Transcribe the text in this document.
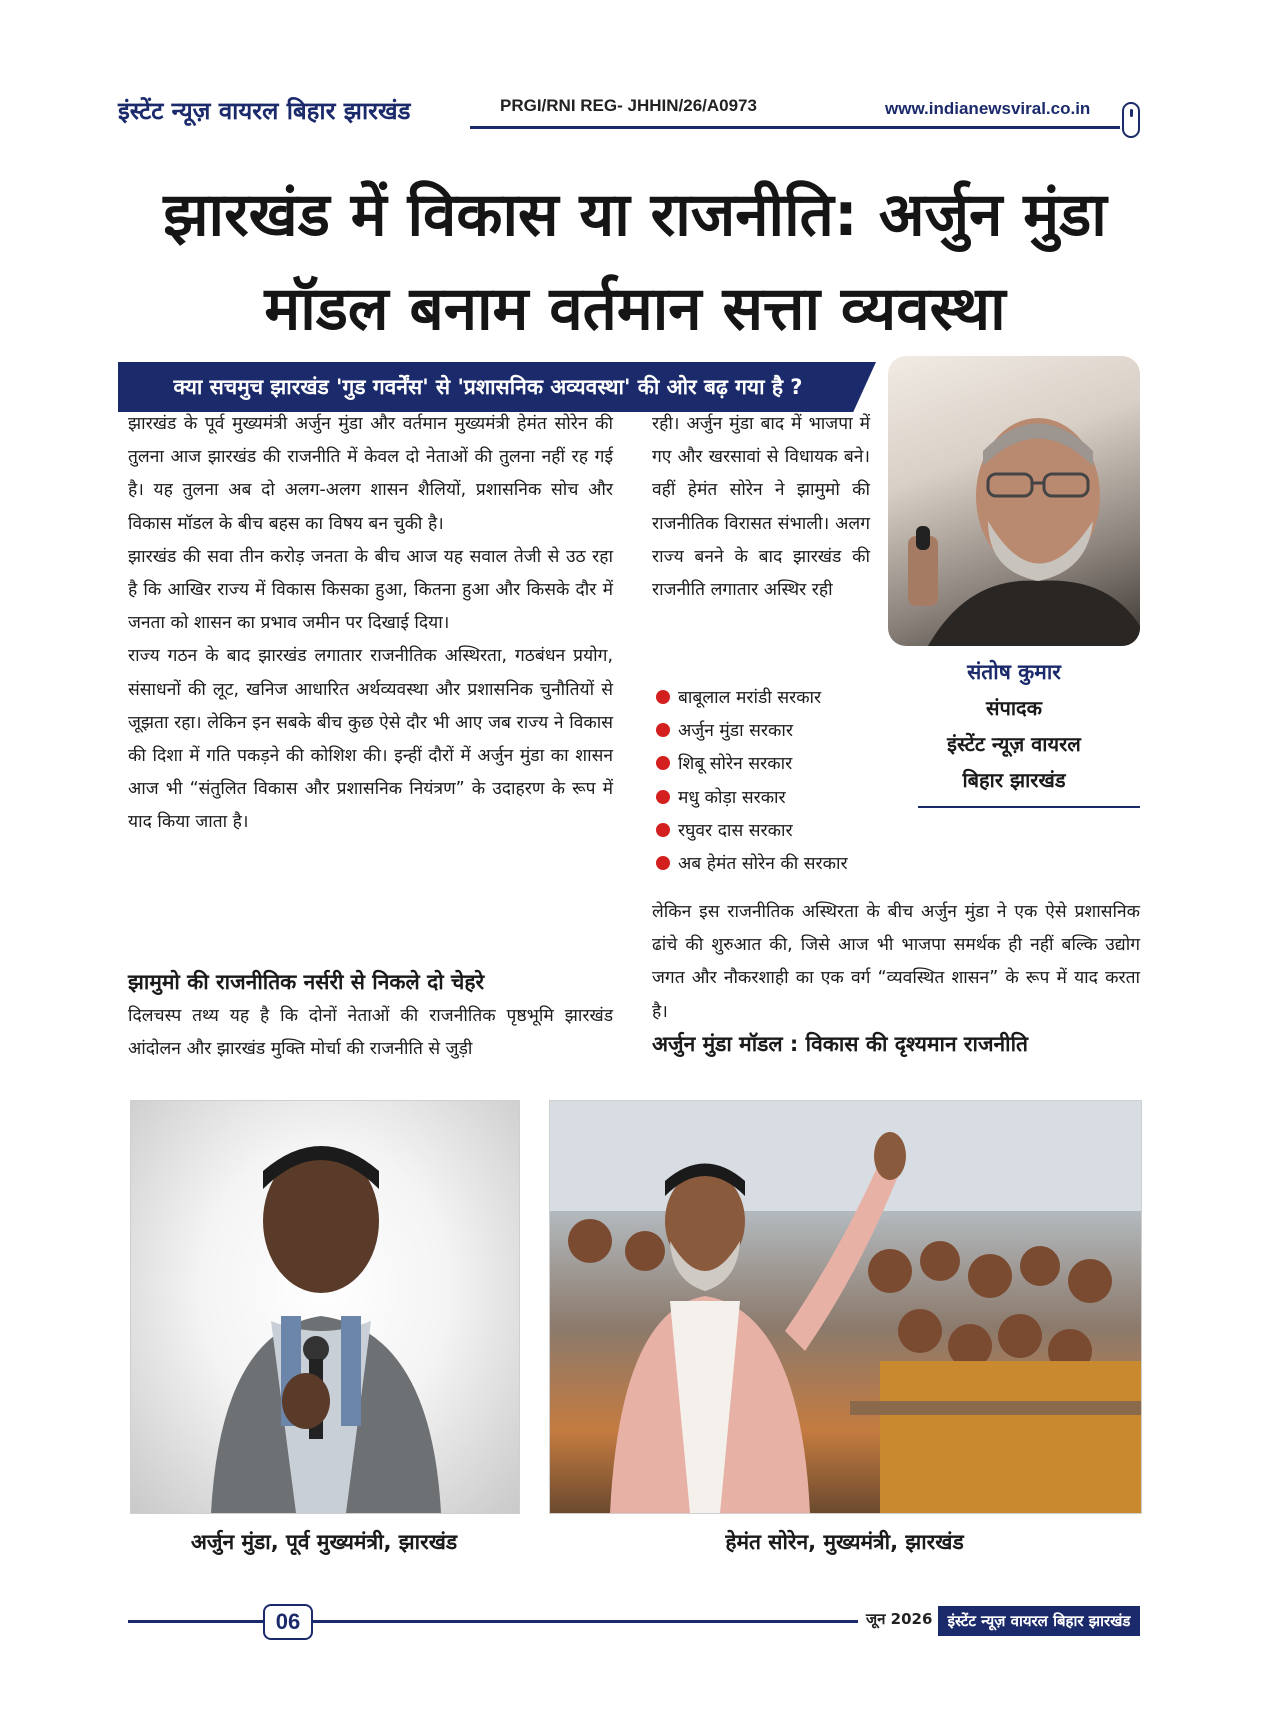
इंस्टेंट न्यूज़ वायरल बिहार झारखंड	PRGI/RNI REG- JHHIN/26/A0973	www.indianewsviral.co.in
झारखंड में विकास या राजनीति: अर्जुन मुंडा
मॉडल बनाम वर्तमान सत्ता व्यवस्था
क्या सचमुच झारखंड 'गुड गवर्नेंस' से 'प्रशासनिक अव्यवस्था' की ओर बढ़ गया है ?
संतोष कुमार
संपादक
इंस्टेंट न्यूज़ वायरल
बिहार झारखंड

झारखंड के पूर्व मुख्यमंत्री अर्जुन मुंडा और वर्तमान मुख्यमंत्री हेमंत सोरेन की तुलना आज झारखंड की राजनीति में केवल दो नेताओं की तुलना नहीं रह गई है। यह तुलना अब दो अलग-अलग शासन शैलियों, प्रशासनिक सोच और विकास मॉडल के बीच बहस का विषय बन चुकी है।

झारखंड की सवा तीन करोड़ जनता के बीच आज यह सवाल तेजी से उठ रहा है कि आखिर राज्य में विकास किसका हुआ, कितना हुआ और किसके दौर में जनता को शासन का प्रभाव जमीन पर दिखाई दिया।

राज्य गठन के बाद झारखंड लगातार राजनीतिक अस्थिरता, गठबंधन प्रयोग, संसाधनों की लूट, खनिज आधारित अर्थव्यवस्था और प्रशासनिक चुनौतियों से जूझता रहा। लेकिन इन सबके बीच कुछ ऐसे दौर भी आए जब राज्य ने विकास की दिशा में गति पकड़ने की कोशिश की। इन्हीं दौरों में अर्जुन मुंडा का शासन आज भी “संतुलित विकास और प्रशासनिक नियंत्रण” के उदाहरण के रूप में याद किया जाता है।

झामुमो की राजनीतिक नर्सरी से निकले दो चेहरे

दिलचस्प तथ्य यह है कि दोनों नेताओं की राजनीतिक पृष्ठभूमि झारखंड आंदोलन और झारखंड मुक्ति मोर्चा की राजनीति से जुड़ी

रही। अर्जुन मुंडा बाद में भाजपा में गए और खरसावां से विधायक बने। वहीं हेमंत सोरेन ने झामुमो की राजनीतिक विरासत संभाली। अलग राज्य बनने के बाद झारखंड की राजनीति लगातार अस्थिर रही

बाबूलाल मरांडी सरकार
अर्जुन मुंडा सरकार
शिबू सोरेन सरकार
मधु कोड़ा सरकार
रघुवर दास सरकार
अब हेमंत सोरेन की सरकार

लेकिन इस राजनीतिक अस्थिरता के बीच अर्जुन मुंडा ने एक ऐसे प्रशासनिक ढांचे की शुरुआत की, जिसे आज भी भाजपा समर्थक ही नहीं बल्कि उद्योग जगत और नौकरशाही का एक वर्ग “व्यवस्थित शासन” के रूप में याद करता है।

अर्जुन मुंडा मॉडल : विकास की दृश्यमान राजनीति
अर्जुन मुंडा, पूर्व मुख्यमंत्री, झारखंड	हेमंत सोरेन, मुख्यमंत्री, झारखंड
06	जून 2026	इंस्टेंट न्यूज़ वायरल बिहार झारखंड
